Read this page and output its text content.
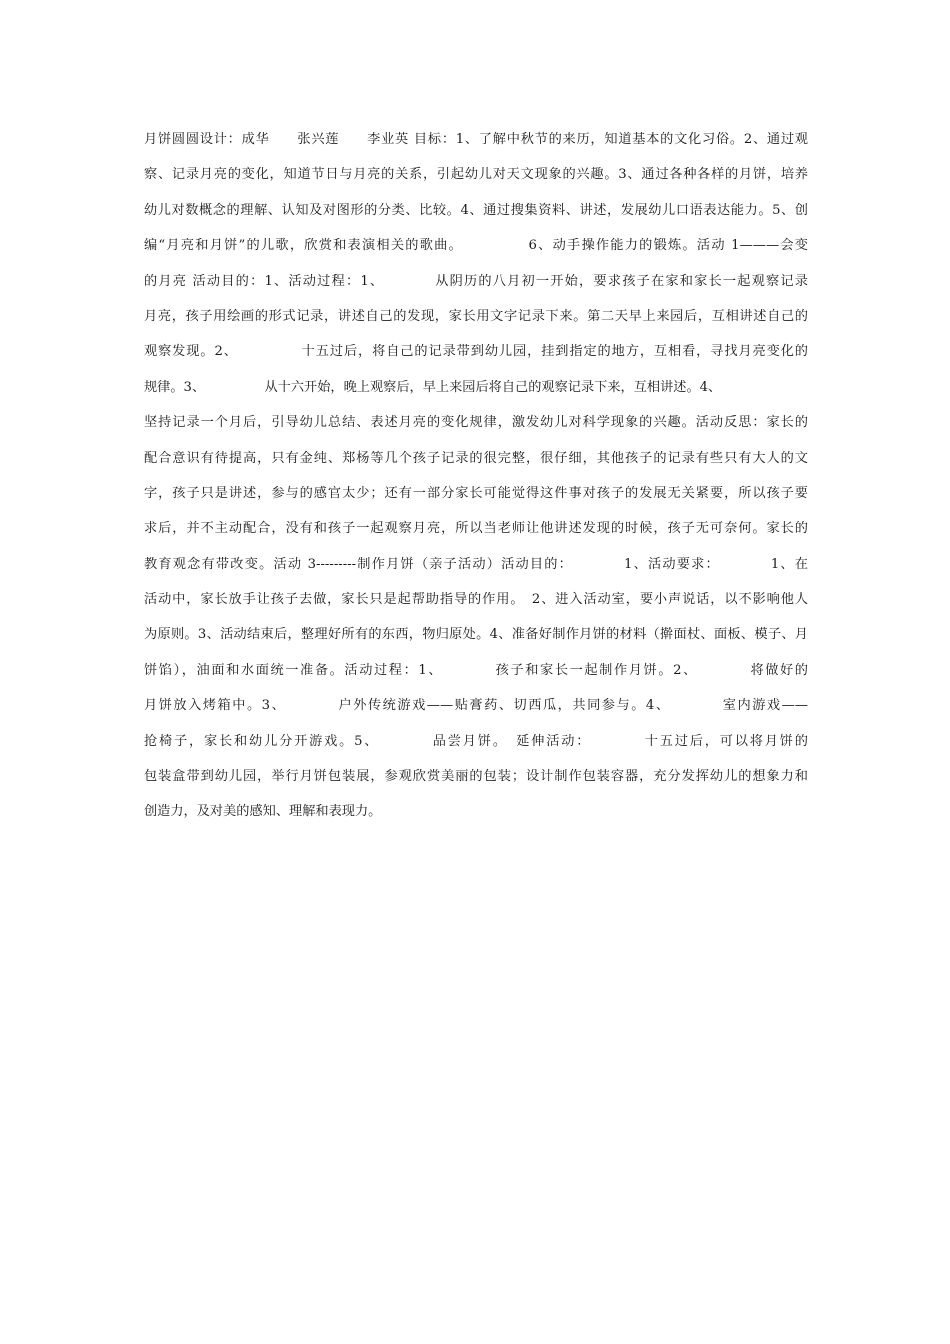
月饼圆圆设计：成华　　张兴莲　　李业英 目标：1、了解中秋节的来历，知道基本的文化习俗。2、通过观
察、记录月亮的变化，知道节日与月亮的关系，引起幼儿对天文现象的兴趣。3、通过各种各样的月饼，培养
幼儿对数概念的理解、认知及对图形的分类、比较。4、通过搜集资料、讲述，发展幼儿口语表达能力。5、创
编“月亮和月饼”的儿歌，欣赏和表演相关的歌曲。　　　　　6、动手操作能力的锻炼。活动 1———会变
的月亮 活动目的：1、活动过程：1、　　　　从阴历的八月初一开始，要求孩子在家和家长一起观察记录
月亮，孩子用绘画的形式记录，讲述自己的发现，家长用文字记录下来。第二天早上来园后，互相讲述自己的
观察发现。2、　　　　　十五过后，将自己的记录带到幼儿园，挂到指定的地方，互相看，寻找月亮变化的
规律。3、　　　　　从十六开始，晚上观察后，早上来园后将自己的观察记录下来，互相讲述。4、
坚持记录一个月后，引导幼儿总结、表述月亮的变化规律，激发幼儿对科学现象的兴趣。活动反思：家长的
配合意识有待提高，只有金纯、郑杨等几个孩子记录的很完整，很仔细，其他孩子的记录有些只有大人的文
字，孩子只是讲述，参与的感官太少；还有一部分家长可能觉得这件事对孩子的发展无关紧要，所以孩子要
求后，并不主动配合，没有和孩子一起观察月亮，所以当老师让他讲述发现的时候，孩子无可奈何。家长的
教育观念有带改变。活动 3---------制作月饼（亲子活动）活动目的：　　　　1、活动要求：　　　　1、在
活动中，家长放手让孩子去做，家长只是起帮助指导的作用。　2、进入活动室，要小声说话，以不影响他人
为原则。3、活动结束后，整理好所有的东西，物归原处。4、准备好制作月饼的材料（擀面杖、面板、模子、月
饼馅），油面和水面统一准备。活动过程：1、　　　　孩子和家长一起制作月饼。2、　　　　将做好的
月饼放入烤箱中。3、　　　　户外传统游戏——贴膏药、切西瓜，共同参与。4、　　　　室内游戏——
抢椅子，家长和幼儿分开游戏。5、　　　　品尝月饼。　延伸活动：　　　　十五过后，可以将月饼的
包装盒带到幼儿园，举行月饼包装展，参观欣赏美丽的包装；设计制作包装容器，充分发挥幼儿的想象力和
创造力，及对美的感知、理解和表现力。
